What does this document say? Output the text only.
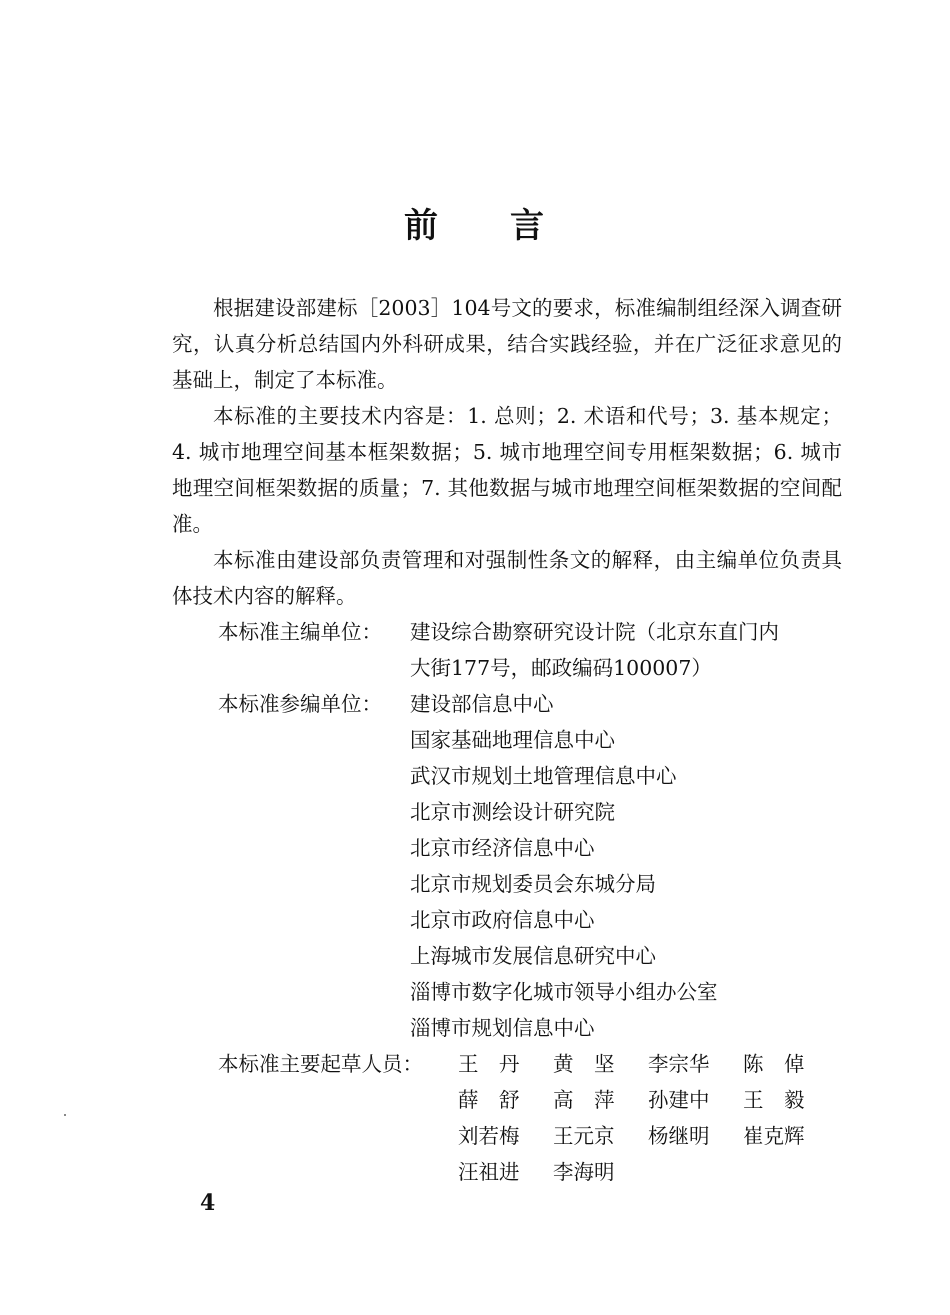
前 言

根据建设部建标［2003］104号文的要求，标准编制组经深入调查研究，认真分析总结国内外科研成果，结合实践经验，并在广泛征求意见的基础上，制定了本标准。

本标准的主要技术内容是：1. 总则；2. 术语和代号；3. 基本规定；4. 城市地理空间基本框架数据；5. 城市地理空间专用框架数据；6. 城市地理空间框架数据的质量；7. 其他数据与城市地理空间框架数据的空间配准。

本标准由建设部负责管理和对强制性条文的解释，由主编单位负责具体技术内容的解释。

本标准主编单位： 建设综合勘察研究设计院（北京东直门内
大街177号，邮政编码100007）
本标准参编单位： 建设部信息中心
国家基础地理信息中心
武汉市规划土地管理信息中心
北京市测绘设计研究院
北京市经济信息中心
北京市规划委员会东城分局
北京市政府信息中心
上海城市发展信息研究中心
淄博市数字化城市领导小组办公室
淄博市规划信息中心
本标准主要起草人员： 王　丹	黄　坚	李宗华	陈　倬
薛　舒	高　萍	孙建中	王　毅
刘若梅	王元京	杨继明	崔克辉
汪祖进	李海明
4
